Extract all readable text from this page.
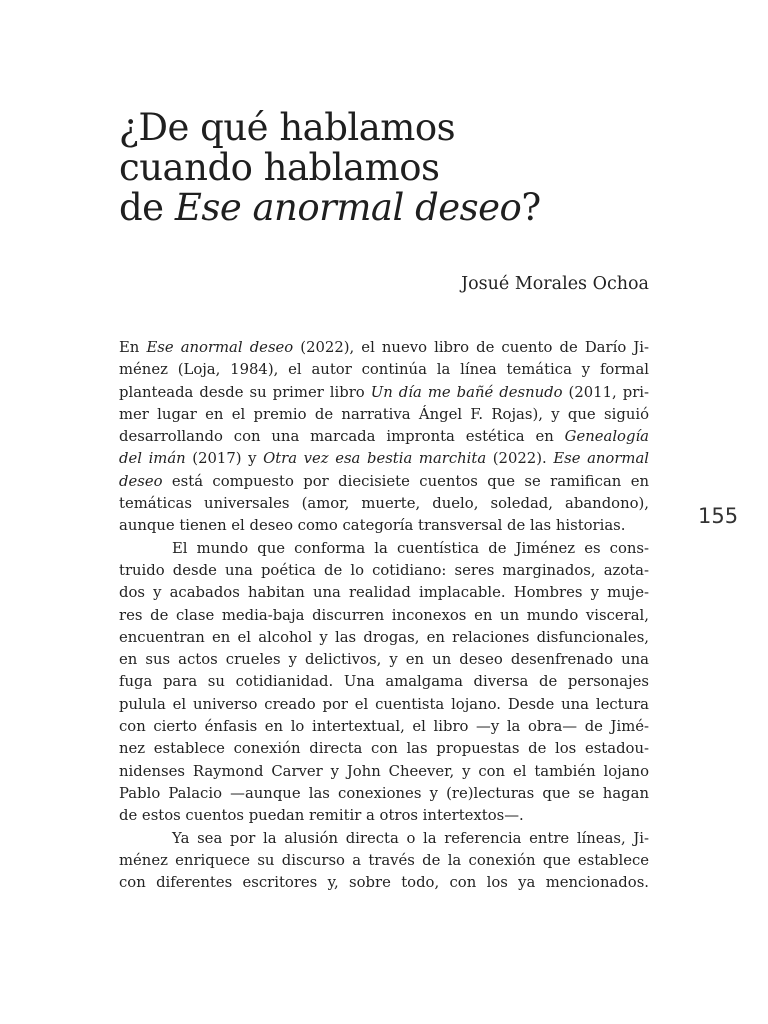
¿De qué hablamos
cuando hablamos
de Ese anormal deseo?
Josué Morales Ochoa
En Ese anormal deseo (2022), el nuevo libro de cuento de Darío Ji-
ménez (Loja, 1984), el autor continúa la línea temática y formal
planteada desde su primer libro Un día me bañé desnudo (2011, pri-
mer lugar en el premio de narrativa Ángel F. Rojas), y que siguió
desarrollando con una marcada impronta estética en Genealogía
del imán (2017) y Otra vez esa bestia marchita (2022). Ese anormal
deseo está compuesto por diecisiete cuentos que se ramifican en
temáticas universales (amor, muerte, duelo, soledad, abandono),
aunque tienen el deseo como categoría transversal de las historias.
El mundo que conforma la cuentística de Jiménez es cons-
truido desde una poética de lo cotidiano: seres marginados, azota-
dos y acabados habitan una realidad implacable. Hombres y muje-
res de clase media-baja discurren inconexos en un mundo visceral,
encuentran en el alcohol y las drogas, en relaciones disfuncionales,
en sus actos crueles y delictivos, y en un deseo desenfrenado una
fuga para su cotidianidad. Una amalgama diversa de personajes
pulula el universo creado por el cuentista lojano. Desde una lectura
con cierto énfasis en lo intertextual, el libro —y la obra— de Jimé-
nez establece conexión directa con las propuestas de los estadou-
nidenses Raymond Carver y John Cheever, y con el también lojano
Pablo Palacio —aunque las conexiones y (re)lecturas que se hagan
de estos cuentos puedan remitir a otros intertextos—.
Ya sea por la alusión directa o la referencia entre líneas, Ji-
ménez enriquece su discurso a través de la conexión que establece
con diferentes escritores y, sobre todo, con los ya mencionados.
155
